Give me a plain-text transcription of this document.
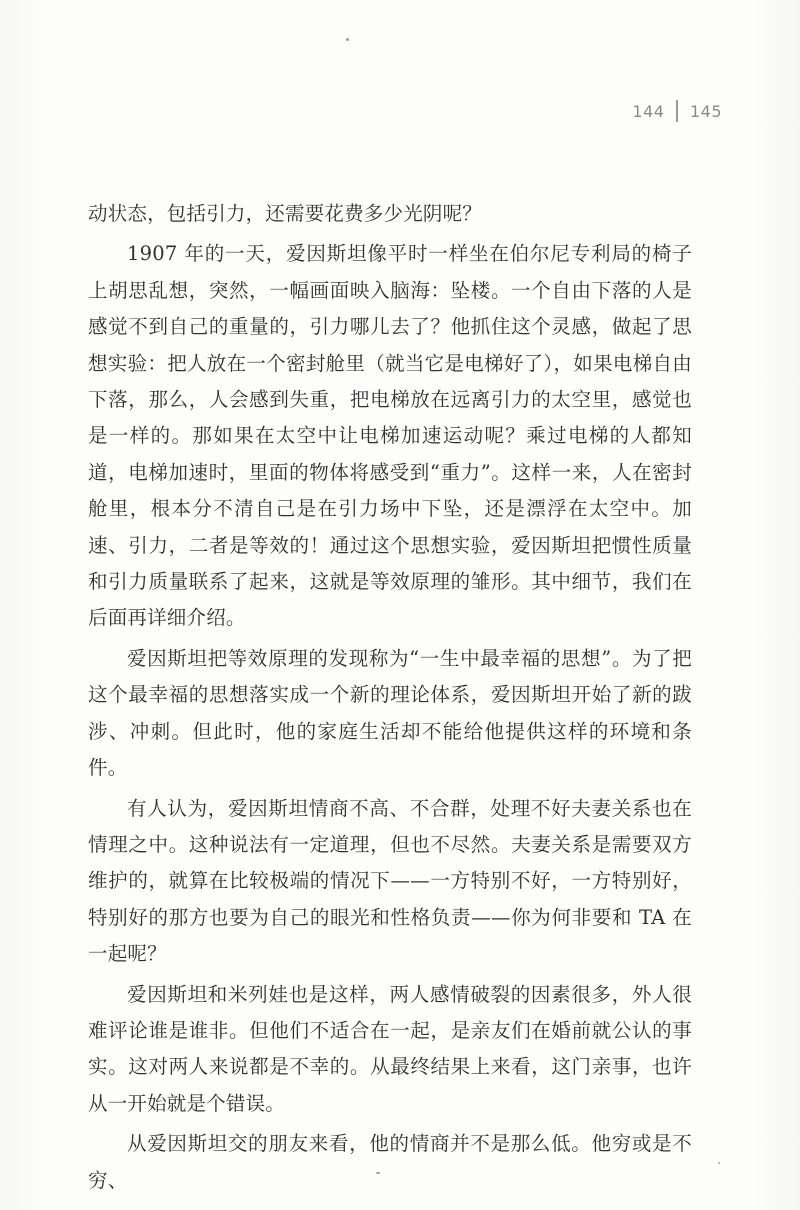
144 145

动状态，包括引力，还需要花费多少光阴呢？

1907 年的一天，爱因斯坦像平时一样坐在伯尔尼专利局的椅子上胡思乱想，突然，一幅画面映入脑海：坠楼。一个自由下落的人是感觉不到自己的重量的，引力哪儿去了？他抓住这个灵感，做起了思想实验：把人放在一个密封舱里（就当它是电梯好了），如果电梯自由下落，那么，人会感到失重，把电梯放在远离引力的太空里，感觉也是一样的。那如果在太空中让电梯加速运动呢？乘过电梯的人都知道，电梯加速时，里面的物体将感受到“重力”。这样一来，人在密封舱里，根本分不清自己是在引力场中下坠，还是漂浮在太空中。加速、引力，二者是等效的！通过这个思想实验，爱因斯坦把惯性质量和引力质量联系了起来，这就是等效原理的雏形。其中细节，我们在后面再详细介绍。

爱因斯坦把等效原理的发现称为“一生中最幸福的思想”。为了把这个最幸福的思想落实成一个新的理论体系，爱因斯坦开始了新的跋涉、冲刺。但此时，他的家庭生活却不能给他提供这样的环境和条件。

有人认为，爱因斯坦情商不高、不合群，处理不好夫妻关系也在情理之中。这种说法有一定道理，但也不尽然。夫妻关系是需要双方维护的，就算在比较极端的情况下——一方特别不好，一方特别好，特别好的那方也要为自己的眼光和性格负责——你为何非要和 TA 在一起呢？

爱因斯坦和米列娃也是这样，两人感情破裂的因素很多，外人很难评论谁是谁非。但他们不适合在一起，是亲友们在婚前就公认的事实。这对两人来说都是不幸的。从最终结果上来看，这门亲事，也许从一开始就是个错误。

从爱因斯坦交的朋友来看，他的情商并不是那么低。他穷或是不穷、
